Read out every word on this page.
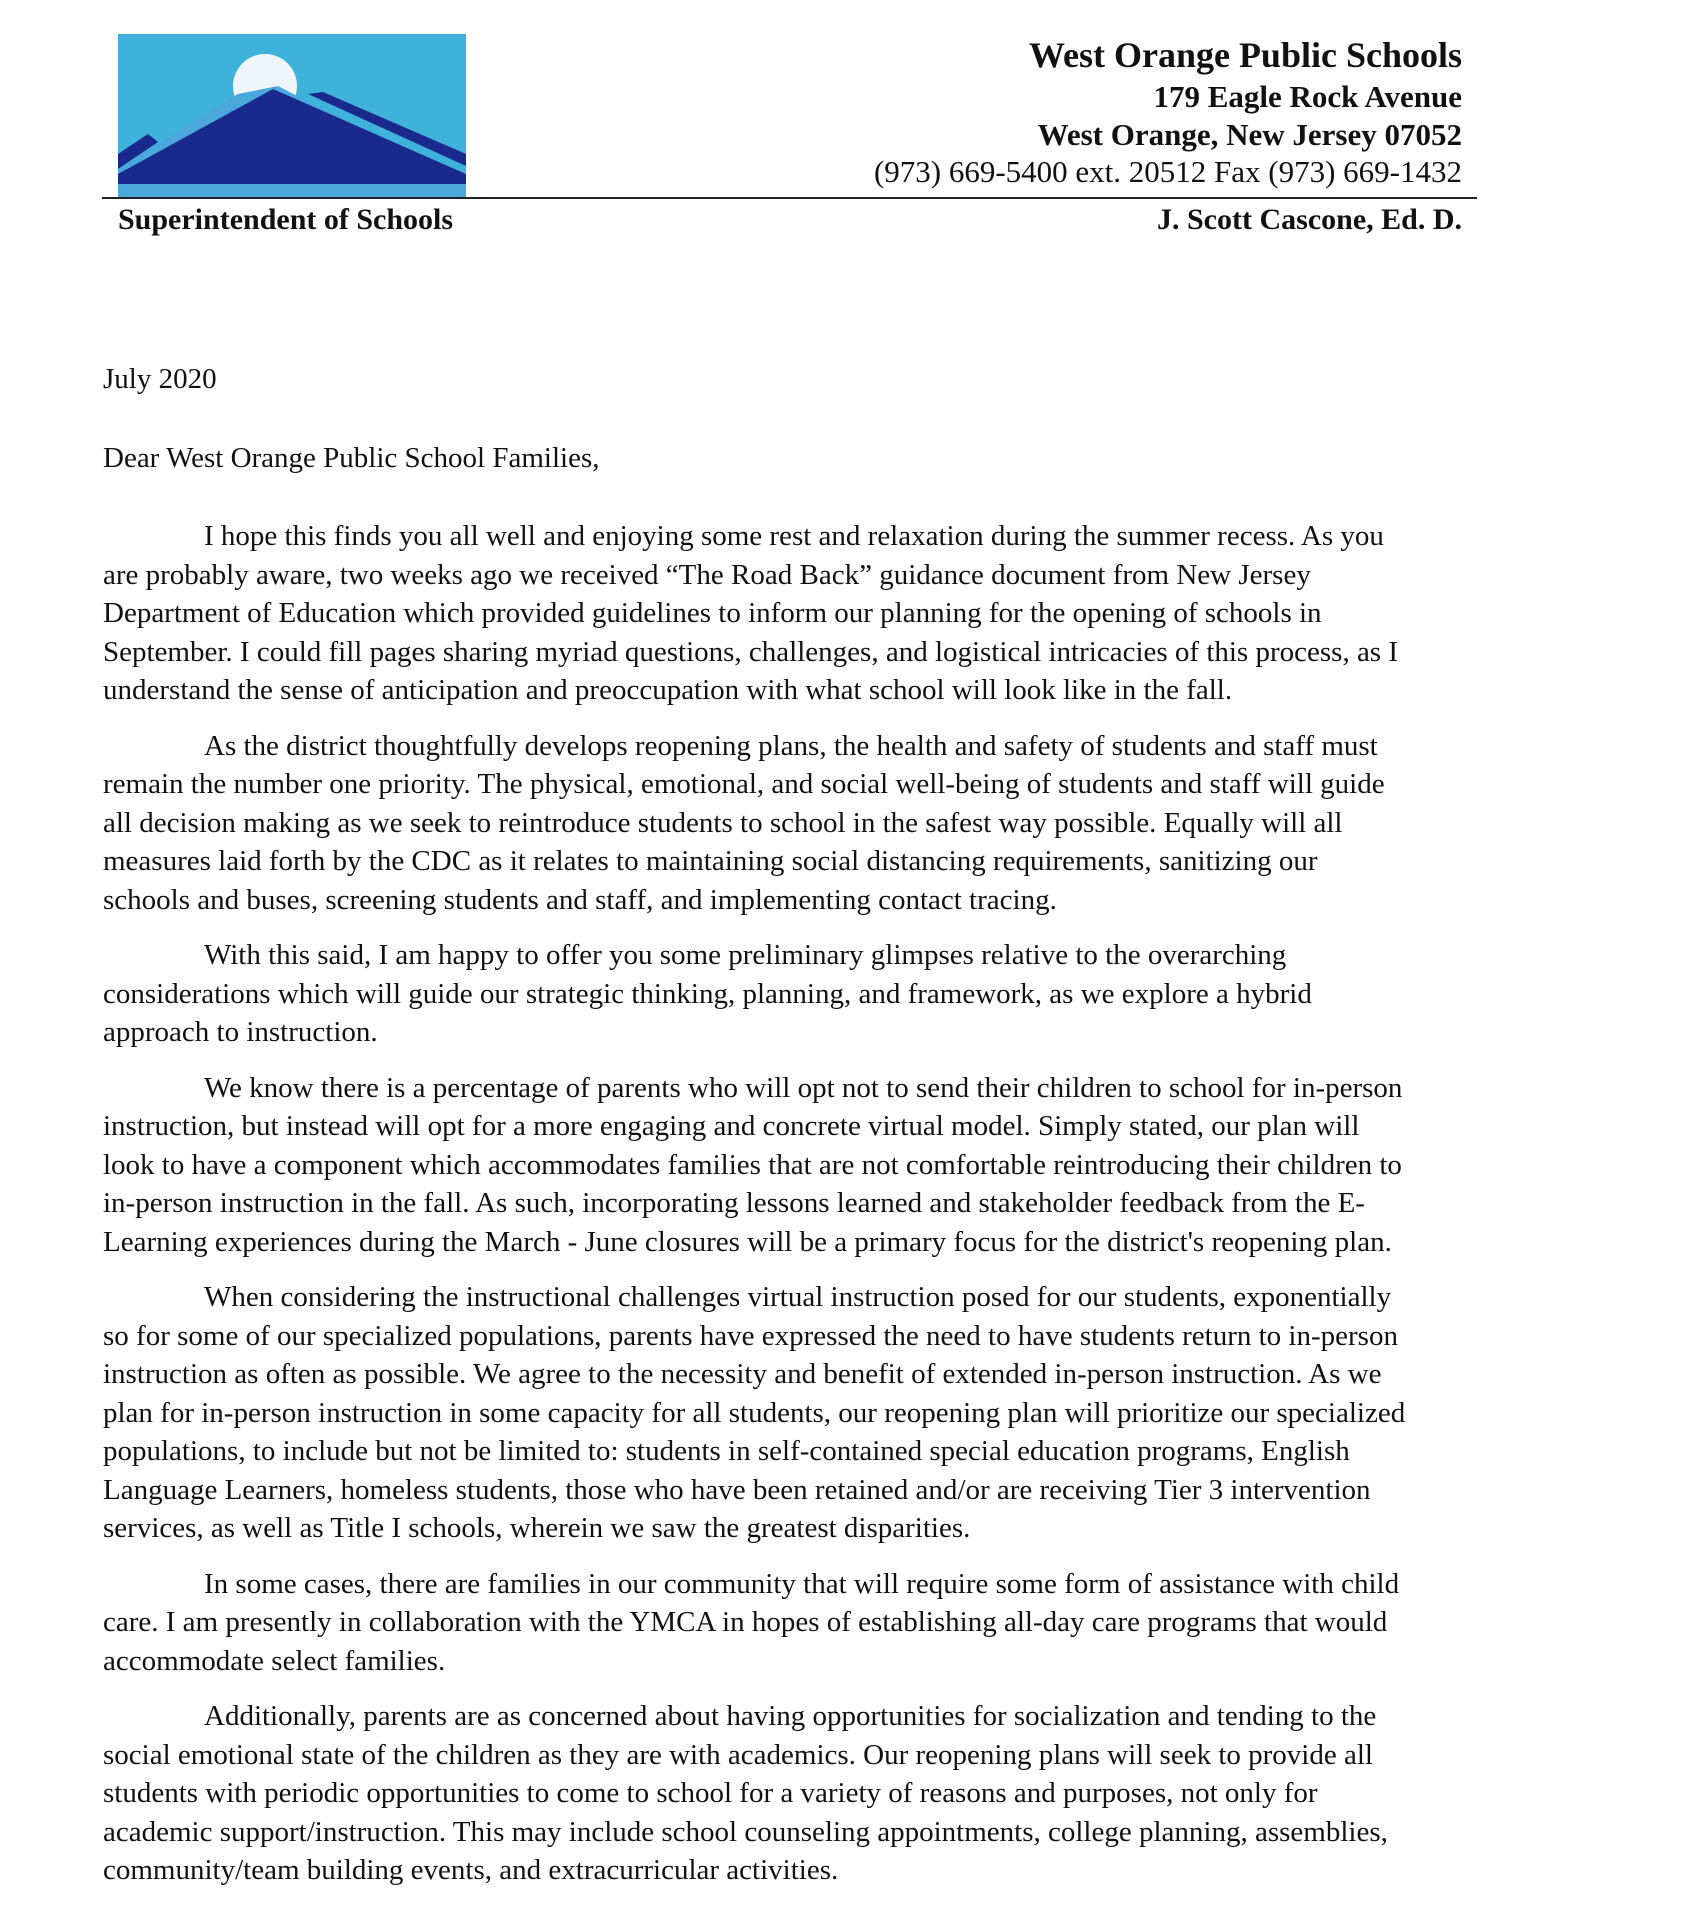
West Orange Public Schools
179 Eagle Rock Avenue
West Orange, New Jersey 07052
(973) 669-5400 ext. 20512 Fax (973) 669-1432
Superintendent of Schools	J. Scott Cascone, Ed. D.
July 2020
Dear West Orange Public School Families,
I hope this finds you all well and enjoying some rest and relaxation during the summer recess. As you
are probably aware, two weeks ago we received “The Road Back” guidance document from New Jersey
Department of Education which provided guidelines to inform our planning for the opening of schools in
September. I could fill pages sharing myriad questions, challenges, and logistical intricacies of this process, as I
understand the sense of anticipation and preoccupation with what school will look like in the fall.
As the district thoughtfully develops reopening plans, the health and safety of students and staff must
remain the number one priority. The physical, emotional, and social well-being of students and staff will guide
all decision making as we seek to reintroduce students to school in the safest way possible. Equally will all
measures laid forth by the CDC as it relates to maintaining social distancing requirements, sanitizing our
schools and buses, screening students and staff, and implementing contact tracing.
With this said, I am happy to offer you some preliminary glimpses relative to the overarching
considerations which will guide our strategic thinking, planning, and framework, as we explore a hybrid
approach to instruction.
We know there is a percentage of parents who will opt not to send their children to school for in-person
instruction, but instead will opt for a more engaging and concrete virtual model. Simply stated, our plan will
look to have a component which accommodates families that are not comfortable reintroducing their children to
in-person instruction in the fall. As such, incorporating lessons learned and stakeholder feedback from the E-
Learning experiences during the March - June closures will be a primary focus for the district's reopening plan.
When considering the instructional challenges virtual instruction posed for our students, exponentially
so for some of our specialized populations, parents have expressed the need to have students return to in-person
instruction as often as possible. We agree to the necessity and benefit of extended in-person instruction. As we
plan for in-person instruction in some capacity for all students, our reopening plan will prioritize our specialized
populations, to include but not be limited to: students in self-contained special education programs, English
Language Learners, homeless students, those who have been retained and/or are receiving Tier 3 intervention
services, as well as Title I schools, wherein we saw the greatest disparities.
In some cases, there are families in our community that will require some form of assistance with child
care. I am presently in collaboration with the YMCA in hopes of establishing all-day care programs that would
accommodate select families.
Additionally, parents are as concerned about having opportunities for socialization and tending to the
social emotional state of the children as they are with academics. Our reopening plans will seek to provide all
students with periodic opportunities to come to school for a variety of reasons and purposes, not only for
academic support/instruction. This may include school counseling appointments, college planning, assemblies,
community/team building events, and extracurricular activities.
